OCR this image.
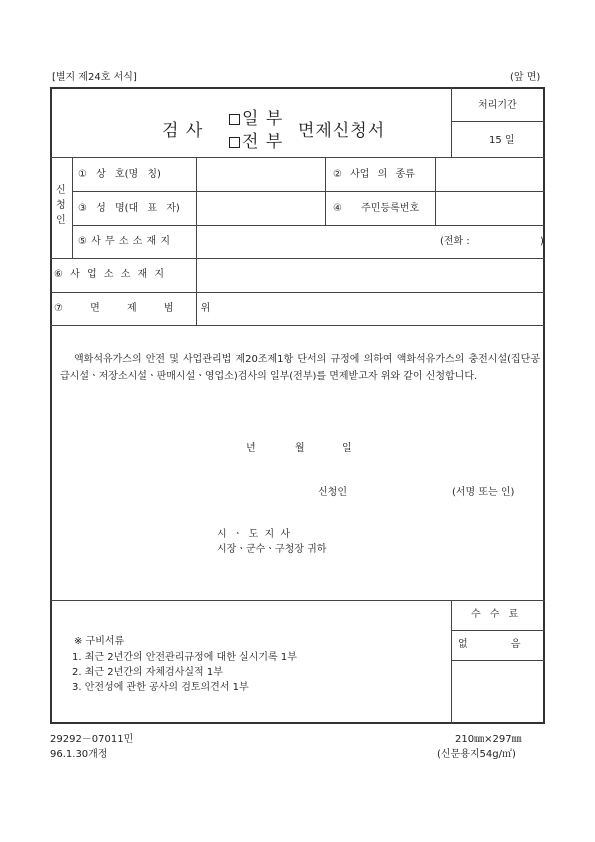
[별지 제24호 서식]	(앞 면)
검 사
일 부
전 부
면제신청서
처리기간
15 일
신
청
인
① 상 호(명 칭)	② 사업 의 종류
③ 성 명(대 표 자)	④ 주민등록번호
⑤ 사 무 소 소 재 지	(전화 :	)
⑥ 사 업 소 소 재 지
⑦ 면 제 범 위
액화석유가스의 안전 및 사업관리법 제20조제1항 단서의 규정에 의하여 액화석유가스의 충전시설(집단공급시설ㆍ저장소시설ㆍ판매시설ㆍ영업소)검사의 일부(전부)를 면제받고자 위와 같이 신청합니다.
년	월	일
신청인	(서명 또는 인)
시 ㆍ 도 지 사
시장ㆍ군수ㆍ구청장 귀하
※ 구비서류
1. 최근 2년간의 안전관리규정에 대한 실시기록 1부
2. 최근 2년간의 자체검사실적 1부
3. 안전성에 관한 공사의 검토의견서 1부
수 수 료
없 음
29292－07011민
96.1.30개정
210㎜×297㎜
(신문용지54g/㎡)
